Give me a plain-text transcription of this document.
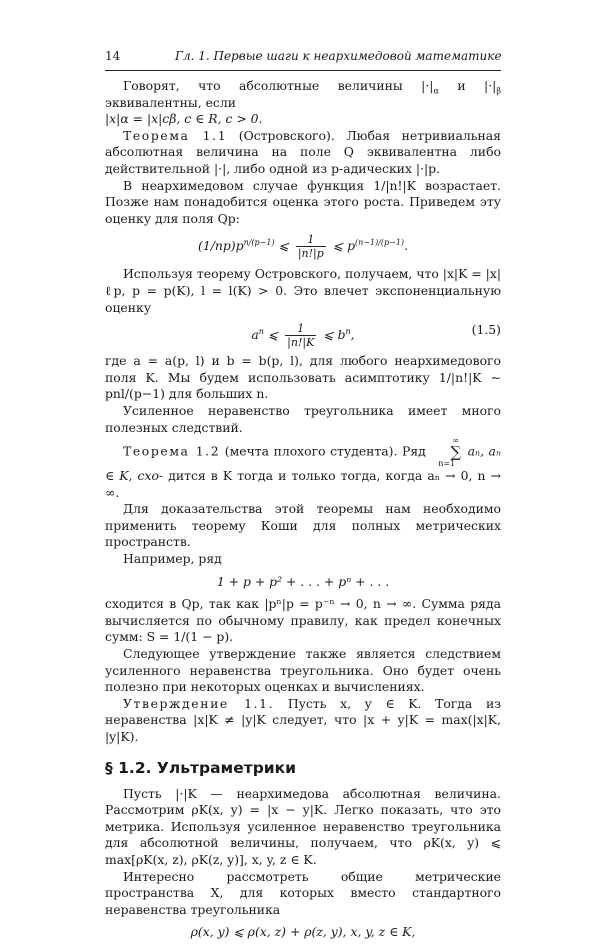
14	Гл. 1. Первые шаги к неархимедовой математике

Говорят, что абсолютные величины $|\cdot|_\alpha$ и $|\cdot|_\beta$ эквивалентны, если

|x|α = |x|cβ, c ∈ R, c > 0.

Теорема 1.1 (Островского). Любая нетривиальная абсолютная величина на поле Q эквивалентна либо действительной |·|, либо одной из p-адических |·|p.

В неархимедовом случае функция 1/|n!|K возрастает. Позже нам понадобится оценка этого роста. Приведем эту оценку для поля Qp:

$(1/np)p^{n/(p-1)}$ ⩽ $\frac{1}{|n!|p}$ ⩽ $p^{(n-1)/(p-1)}$.

Используя теорему Островского, получаем, что |x|K = |x|ℓp, p = p(K), l = l(K) > 0. Это влечет экспоненциальную оценку

$a^n$ ⩽ $\frac{1}{|n!|K}$ ⩽ $b^n$,	(1.5)

где a = a(p, l) и b = b(p, l), для любого неархимедового поля K. Мы будем использовать асимптотику 1/|n!|K ∼ pnl/(p−1) для больших n.

Усиленное неравенство треугольника имеет много полезных следствий.

Теорема 1.2 (мечта плохого студента). Ряд ∞
∑
n=1 aₙ, aₙ ∈ K, схо- дится в K тогда и только тогда, когда aₙ → 0, n → ∞.

Для доказательства этой теоремы нам необходимо применить теорему Коши для полных метрических пространств.

Например, ряд

1 + p + p² + . . . + pⁿ + . . .

сходится в Qp, так как |pⁿ|p = p⁻ⁿ → 0, n → ∞. Сумма ряда вычисляется по обычному правилу, как предел конечных сумм: S = 1/(1 − p).

Следующее утверждение также является следствием усиленного неравенства треугольника. Оно будет очень полезно при некоторых оценках и вычислениях.

Утверждение 1.1. Пусть x, y ∈ K. Тогда из неравенства |x|K ≠ |y|K следует, что |x + y|K = max(|x|K, |y|K).

§ 1.2. Ультраметрики

Пусть |·|K — неархимедова абсолютная величина. Рассмотрим ρK(x, y) = |x − y|K. Легко показать, что это метрика. Используя усиленное неравенство треугольника для абсолютной величины, получаем, что ρK(x, y) ⩽ max[ρK(x, z), ρK(z, y)], x, y, z ∈ K.

Интересно рассмотреть общие метрические пространства X, для которых вместо стандартного неравенства треугольника

ρ(x, y) ⩽ ρ(x, z) + ρ(z, y), x, y, z ∈ K,
